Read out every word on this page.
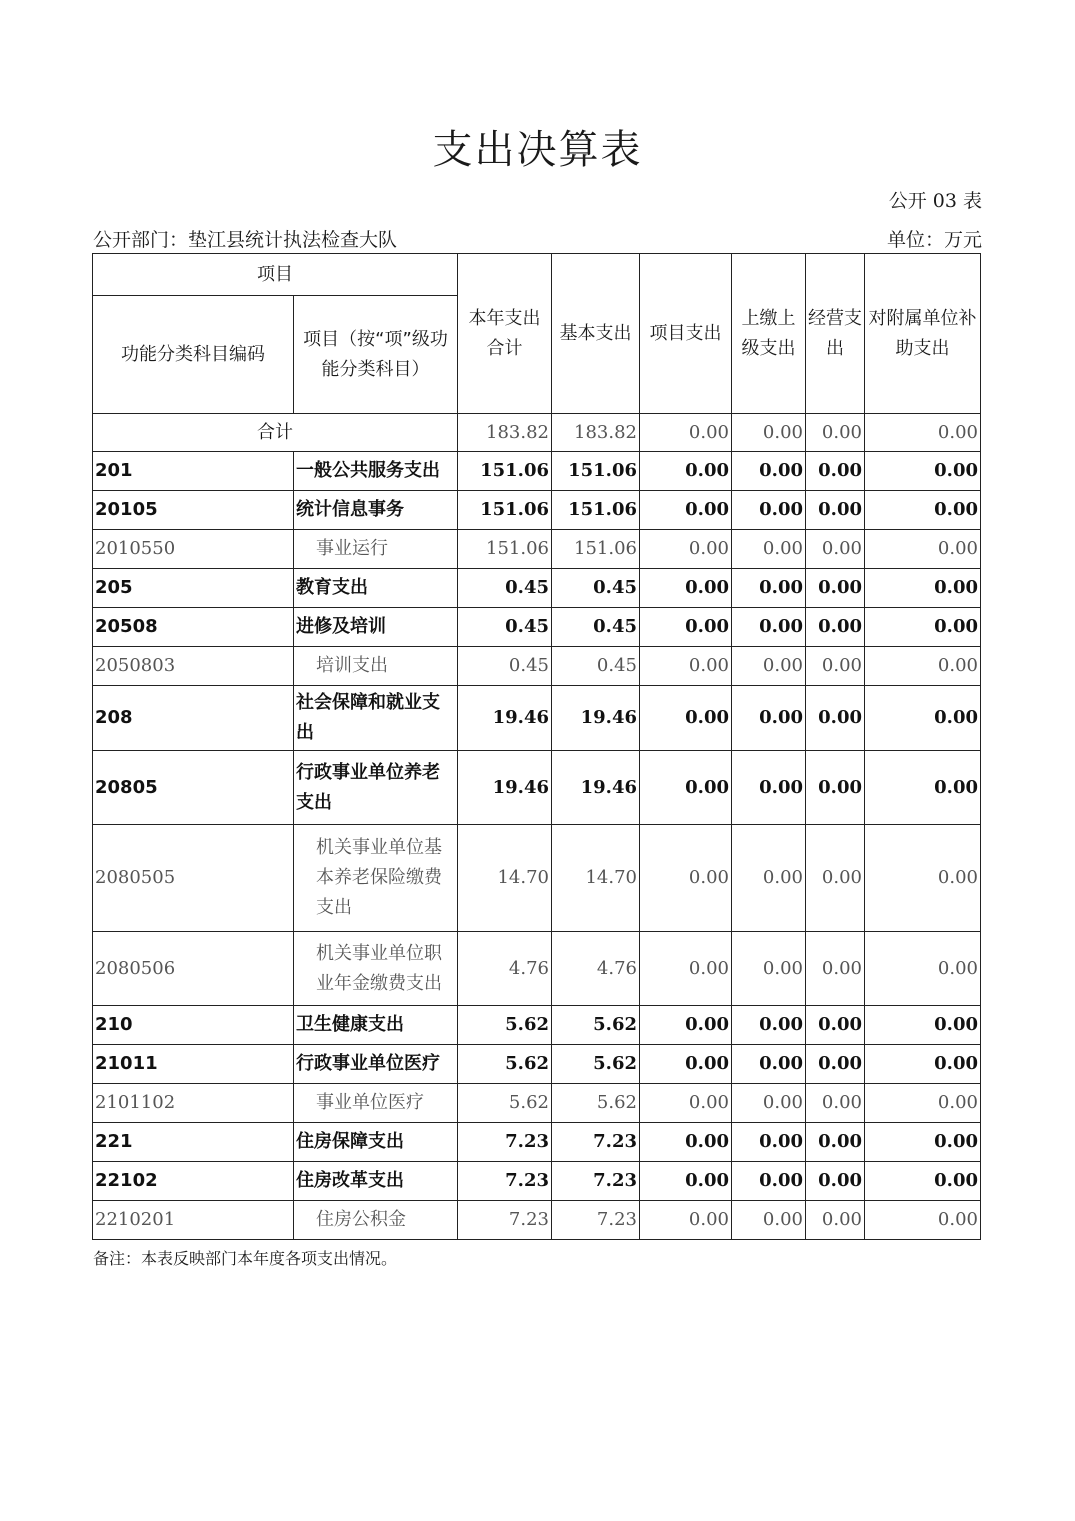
支出决算表
公开 03 表
公开部门：垫江县统计执法检查大队	单位：万元
项目		本年支出合计	基本支出	项目支出	上缴上级支出	经营支出	对附属单位补助支出
功能分类科目编码	项目（按“项”级功能分类科目）						
合计		183.82	183.82	0.00	0.00	0.00	0.00
201	一般公共服务支出	151.06	151.06	0.00	0.00	0.00	0.00
20105	统计信息事务	151.06	151.06	0.00	0.00	0.00	0.00
2010550	事业运行	151.06	151.06	0.00	0.00	0.00	0.00
205	教育支出	0.45	0.45	0.00	0.00	0.00	0.00
20508	进修及培训	0.45	0.45	0.00	0.00	0.00	0.00
2050803	培训支出	0.45	0.45	0.00	0.00	0.00	0.00
208	社会保障和就业支出	19.46	19.46	0.00	0.00	0.00	0.00
20805	行政事业单位养老支出	19.46	19.46	0.00	0.00	0.00	0.00
2080505	机关事业单位基本养老保险缴费支出	14.70	14.70	0.00	0.00	0.00	0.00
2080506	机关事业单位职业年金缴费支出	4.76	4.76	0.00	0.00	0.00	0.00
210	卫生健康支出	5.62	5.62	0.00	0.00	0.00	0.00
21011	行政事业单位医疗	5.62	5.62	0.00	0.00	0.00	0.00
2101102	事业单位医疗	5.62	5.62	0.00	0.00	0.00	0.00
221	住房保障支出	7.23	7.23	0.00	0.00	0.00	0.00
22102	住房改革支出	7.23	7.23	0.00	0.00	0.00	0.00
2210201	住房公积金	7.23	7.23	0.00	0.00	0.00	0.00
备注：本表反映部门本年度各项支出情况。
